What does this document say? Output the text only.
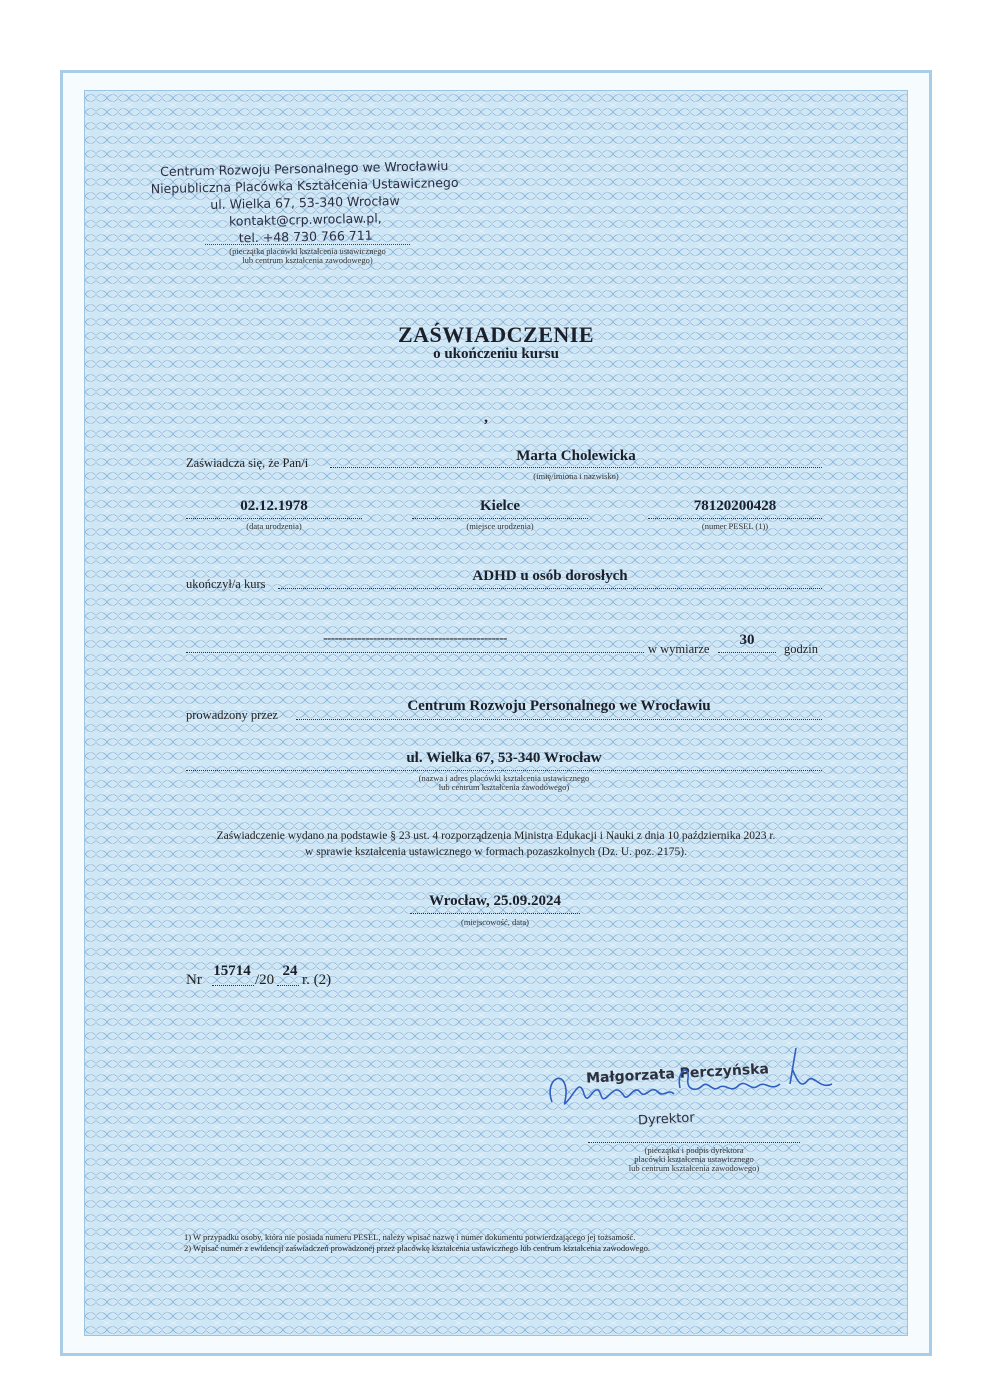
Centrum Rozwoju Personalnego we Wrocławiu
Niepubliczna Placówka Kształcenia Ustawicznego
ul. Wielka 67, 53-340 Wrocław
kontakt@crp.wroclaw.pl,
tel. +48 730 766 711
(pieczątka placówki kształcenia ustawicznego
lub centrum kształcenia zawodowego)
ZAŚWIADCZENIE
o ukończeniu kursu
,
Zaświadcza się, że Pan/i	Marta Cholewicka
(imię/imiona i nazwisko)
02.12.1978
(data urodzenia)
Kielce
(miejsce urodzenia)
78120200428
(numer PESEL (1))
ukończył/a kurs	ADHD u osób dorosłych
------------------------------------------------
w wymiarze
30
godzin
prowadzony przez
Centrum Rozwoju Personalnego we Wrocławiu
ul. Wielka 67, 53-340 Wrocław
(nazwa i adres placówki kształcenia ustawicznego
lub centrum kształcenia zawodowego)
Zaświadczenie wydano na podstawie § 23 ust. 4 rozporządzenia Ministra Edukacji i Nauki z dnia 10 października 2023 r.
w sprawie kształcenia ustawicznego w formach pozaszkolnych (Dz. U. poz. 2175).
Wrocław, 25.09.2024
(miejscowość, data)
Nr
15714
/20
24
r. (2)
Małgorzata Perczyńska
Dyrektor
(pieczątka i podpis dyrektora
placówki kształcenia ustawicznego
lub centrum kształcenia zawodowego)
1) W przypadku osoby, która nie posiada numeru PESEL, należy wpisać nazwę i numer dokumentu potwierdzającego jej tożsamość.
2) Wpisać numer z ewidencji zaświadczeń prowadzonej przez placówkę kształcenia ustawicznego lub centrum kształcenia zawodowego.
